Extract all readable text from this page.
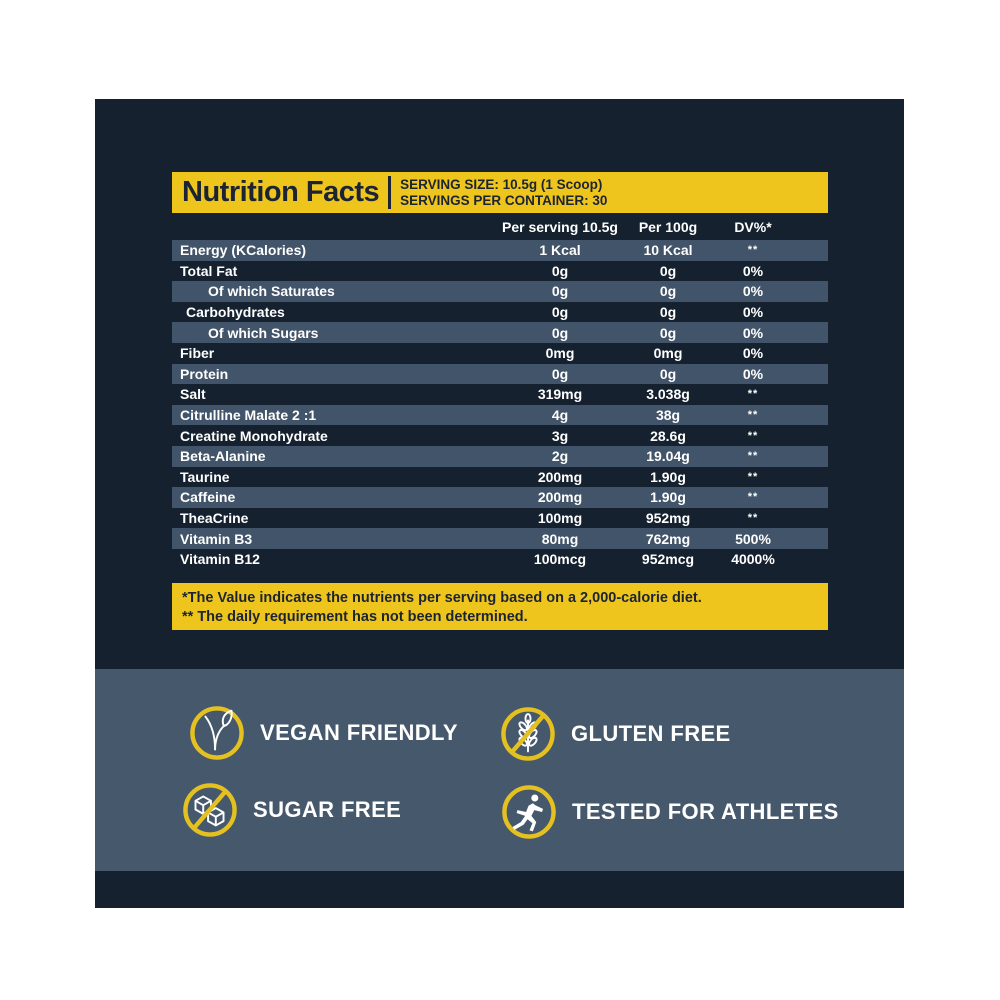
Nutrition Facts SERVING SIZE: 10.5g (1 Scoop)
SERVINGS PER CONTAINER: 30
Per serving 10.5g	Per 100g	DV%*
Energy (KCalories)	1 Kcal	10 Kcal	**
Total Fat	0g	0g	0%
Of which Saturates	0g	0g	0%
Carbohydrates	0g	0g	0%
Of which Sugars	0g	0g	0%
Fiber	0mg	0mg	0%
Protein	0g	0g	0%
Salt	319mg	3.038g	**
Citrulline Malate 2 :1	4g	38g	**
Creatine Monohydrate	3g	28.6g	**
Beta-Alanine	2g	19.04g	**
Taurine	200mg	1.90g	**
Caffeine	200mg	1.90g	**
TheaCrine	100mg	952mg	**
Vitamin B3	80mg	762mg	500%
Vitamin B12	100mcg	952mcg	4000%
*The Value indicates the nutrients per serving based on a 2,000-calorie diet.
** The daily requirement has not been determined.
VEGAN FRIENDLY	GLUTEN FREE
SUGAR FREE	TESTED FOR ATHLETES
